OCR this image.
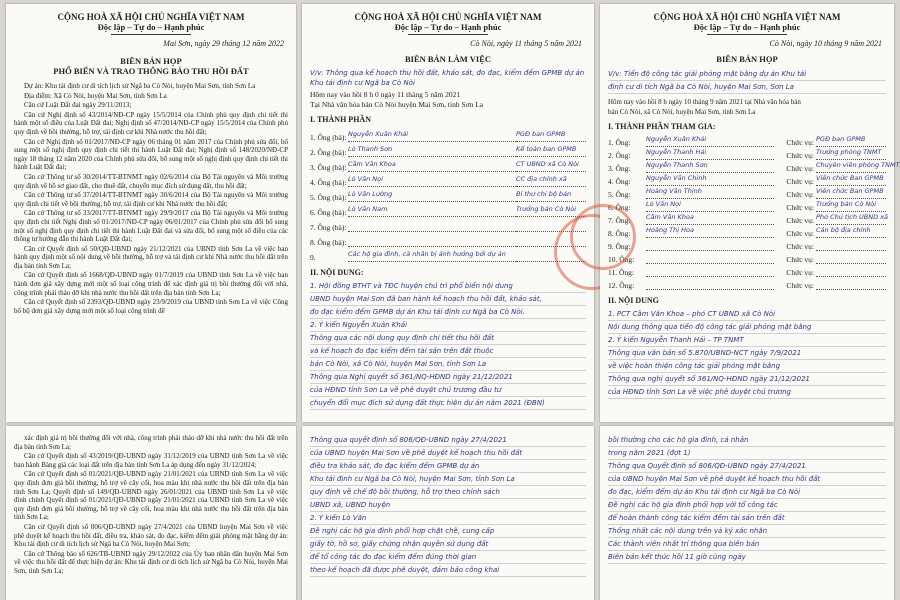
CỘNG HOÀ XÃ HỘI CHỦ NGHĨA VIỆT NAM
Độc lập – Tự do – Hạnh phúc
Mai Sơn, ngày 29 tháng 12 năm 2022
BIÊN BẢN HỌP
PHỔ BIẾN VÀ TRAO THÔNG BÁO THU HỒI ĐẤT
Dự án: Khu tái định cư di tích lịch sử Ngã ba Cò Nòi, huyện Mai Sơn, tỉnh Sơn La
Địa điểm: Xã Cò Nòi, huyện Mai Sơn, tỉnh Sơn La
Căn cứ Luật Đất đai ngày 29/11/2013;
Căn cứ Nghị định số 43/2014/NĐ-CP ngày 15/5/2014 của Chính phủ quy định chi tiết thi hành một số điều của Luật Đất đai; Nghị định số 47/2014/NĐ-CP ngày 15/5/2014 của Chính phủ quy định về bồi thường, hỗ trợ, tái định cư khi Nhà nước thu hồi đất;
Căn cứ Nghị định số 01/2017/NĐ-CP ngày 06 tháng 01 năm 2017 của Chính phủ sửa đổi, bổ sung một số nghị định quy định chi tiết thi hành Luật Đất đai; Nghị định số 148/2020/NĐ-CP ngày 18 tháng 12 năm 2020 của Chính phủ sửa đổi, bổ sung một số nghị định quy định chi tiết thi hành Luật Đất đai;
Căn cứ Thông tư số 30/2014/TT-BTNMT ngày 02/6/2014 của Bộ Tài nguyên và Môi trường quy định về hồ sơ giao đất, cho thuê đất, chuyển mục đích sử dụng đất, thu hồi đất;
Căn cứ Thông tư số 37/2014/TT-BTNMT ngày 30/6/2014 của Bộ Tài nguyên và Môi trường quy định chi tiết về bồi thường, hỗ trợ, tái định cư khi Nhà nước thu hồi đất;
Căn cứ Thông tư số 33/2017/TT-BTNMT ngày 29/9/2017 của Bộ Tài nguyên và Môi trường quy định chi tiết Nghị định số 01/2017/NĐ-CP ngày 06/01/2017 của Chính phủ sửa đổi bổ sung một số nghị định quy định chi tiết thi hành Luật Đất đai và sửa đổi, bổ sung một số điều của các thông tư hướng dẫn thi hành Luật Đất đai;
Căn cứ Quyết định số 50/QĐ-UBND ngày 21/12/2021 của UBND tỉnh Sơn La về việc ban hành quy định một số nội dung về bồi thường, hỗ trợ và tái định cư khi Nhà nước thu hồi đất trên địa bàn tỉnh Sơn La;
Căn cứ Quyết định số 1668/QĐ-UBND ngày 01/7/2019 của UBND tỉnh Sơn La về việc ban hành đơn giá xây dựng mới một số loại công trình để xác định giá trị bồi thường đối với nhà, công trình phải tháo dỡ khi nhà nước thu hồi đất trên địa bàn tỉnh Sơn La;
Căn cứ Quyết định số 2393/QĐ-UBND ngày 23/9/2019 của UBND tỉnh Sơn La về việc Công bố bộ đơn giá xây dựng mới một số loại công trình để
CỘNG HOÀ XÃ HỘI CHỦ NGHĨA VIỆT NAM
Độc lập – Tự do – Hạnh phúc
Cò Nòi, ngày 11 tháng 5 năm 2021
BIÊN BẢN LÀM VIỆC
V/v: Thông qua kế hoạch thu hồi đất, khảo sát, đo đạc, kiểm đếm GPMB dự án Khu tái định cư Ngã ba Cò Nòi
Hôm nay vào hồi 8 h 0 ngày 11 tháng 5 năm 2021
Tại Nhà văn hóa bản Cò Nòi huyện Mai Sơn, tỉnh Sơn La
I. THÀNH PHẦN
1. Ông (bà): Nguyễn Xuân Khải	PGĐ ban GPMB
2. Ông (bà): Lò Thanh Sơn	Kế toán ban GPMB
3. Ông (bà): Cầm Văn Khoa	CT UBND xã Cò Nòi
4. Ông (bà): Lò Văn Nọi	CC địa chính xã
5. Ông (bà): Lò Văn Lường	Bí thư chi bộ bản
6. Ông (bà): Lò Văn Nam	Trưởng bản Cò Nòi
7. Ông (bà):
8. Ông (bà):
9.	Các hộ gia đình, cá nhân bị ảnh hưởng bởi dự án
II. NỘI DUNG:
1. Hội đồng BTHT và TĐC huyện chủ trì phổ biến nội dung
UBND huyện Mai Sơn đã ban hành kế hoạch thu hồi đất, khảo sát,
đo đạc kiểm đếm GPMB dự án Khu tái định cư Ngã ba Cò Nòi.
2. Ý kiến Nguyễn Xuân Khải
Thông qua các nội dung quy định chi tiết thu hồi đất
và kế hoạch đo đạc kiểm đếm tài sản trên đất thuộc
bản Cò Nòi, xã Cò Nòi, huyện Mai Sơn, tỉnh Sơn La
Thông qua Nghị quyết số 361/NQ-HĐND ngày 21/12/2021
của HĐND tỉnh Sơn La về phê duyệt chủ trương đầu tư
chuyển đổi mục đích sử dụng đất thực hiện dự án năm 2021 (ĐBN)
CỘNG HOÀ XÃ HỘI CHỦ NGHĨA VIỆT NAM
Độc lập – Tự do – Hạnh phúc
Cò Nòi, ngày 10 tháng 9 năm 2021
BIÊN BẢN HỌP
V/v: Tiến độ công tác giải phóng mặt bằng dự án Khu tái
định cư di tích Ngã ba Cò Nòi, huyện Mai Sơn, Sơn La
Hôm nay vào hồi 8 h ngày 10 tháng 9 năm 2021 tại Nhà văn hóa bản
bản Cò Nòi, xã Cò Nòi, huyện Mai Sơn, tỉnh Sơn La
I. THÀNH PHẦN THAM GIA:
1. Ông:	Nguyễn Xuân Khải	Chức vụ: PGĐ ban GPMB
2. Ông:	Nguyễn Thanh Hải	Chức vụ: Trưởng phòng TNMT
3. Ông:	Nguyễn Thanh Sơn	Chức vụ: Chuyên viên phòng TNMT
4. Ông:	Nguyễn Văn Chinh	Chức vụ: Viên chức Ban GPMB
5. Ông:	Hoàng Văn Thịnh	Chức vụ: Viên chức Ban GPMB
6. Ông:	Lò Văn Nọi	Chức vụ: Trưởng bản Cò Nòi
7. Ông:	Cầm Văn Khoa	Chức vụ: Phó Chủ tịch UBND xã
8. Ông:	Hoàng Thị Hoa	Chức vụ: Cán bộ địa chính
9. Ông:	Chức vụ:
10. Ông:	Chức vụ:
11. Ông:	Chức vụ:
12. Ông:	Chức vụ:
II. NỘI DUNG
1. PCT Cầm Văn Khoa – phó CT UBND xã Cò Nòi
Nội dung thông qua tiến độ công tác giải phóng mặt bằng
2. Ý kiến Nguyễn Thanh Hải – TP TNMT
Thông qua văn bản số 5.870/UBND-NCT ngày 7/9/2021
về việc hoàn thiện công tác giải phóng mặt bằng
Thông qua nghị quyết số 361/NQ-HĐND ngày 21/12/2021
của HĐND tỉnh Sơn La về việc phê duyệt chủ trương
xác định giá trị bồi thường đối với nhà, công trình phải tháo dỡ khi nhà nước thu hồi đất trên địa bàn tỉnh Sơn La;
Căn cứ Quyết định số 43/2019/QĐ-UBND ngày 31/12/2019 của UBND tỉnh Sơn La về việc ban hành Bảng giá các loại đất trên địa bàn tỉnh Sơn La áp dụng đến ngày 31/12/2024;
Căn cứ Quyết định số 01/2021/QĐ-UBND ngày 21/01/2021 của UBND tỉnh Sơn La về việc quy định đơn giá bồi thường, hỗ trợ về cây cối, hoa màu khi nhà nước thu hồi đất trên địa bàn tỉnh Sơn La; Quyết định số 149/QĐ-UBND ngày 26/01/2021 của UBND tỉnh Sơn La về việc đính chính Quyết định số 01/2021/QĐ-UBND ngày 21/01/2021 của UBND tỉnh Sơn La về việc quy định đơn giá bồi thường, hỗ trợ về cây cối, hoa màu khi nhà nước thu hồi đất trên địa bàn tỉnh Sơn La;
Căn cứ Quyết định số 806/QĐ-UBND ngày 27/4/2021 của UBND huyện Mai Sơn về việc phê duyệt kế hoạch thu hồi đất, điều tra, khảo sát, đo đạc, kiểm đếm giải phóng mặt bằng dự án: Khu tái định cư di tích lịch sử Ngã ba Cò Nòi, huyện Mai Sơn;
Căn cứ Thông báo số 626/TB-UBND ngày 29/12/2022 của Ủy ban nhân dân huyện Mai Sơn về việc thu hồi đất để thực hiện dự án: Khu tái định cư di tích lịch sử Ngã ba Cò Nòi, huyện Mai Sơn, tỉnh Sơn La;
Thông qua quyết định số 806/QĐ-UBND ngày 27/4/2021
của UBND huyện Mai Sơn về phê duyệt kế hoạch thu hồi đất
điều tra khảo sát, đo đạc kiểm đếm GPMB dự án
Khu tái định cư Ngã ba Cò Nòi, huyện Mai Sơn, tỉnh Sơn La
quy định về chế độ bồi thường, hỗ trợ theo chính sách
UBND xã, UBND huyện
2. Ý kiến Lò Văn
Đề nghị các hộ gia đình phối hợp chặt chẽ, cung cấp
giấy tờ, hồ sơ, giấy chứng nhận quyền sử dụng đất
để tổ công tác đo đạc kiểm đếm đúng thời gian
theo kế hoạch đã được phê duyệt, đảm bảo công khai
bồi thường cho các hộ gia đình, cá nhân
trong năm 2021 (đợt 1)
Thông qua Quyết định số 806/QĐ-UBND ngày 27/4/2021
của UBND huyện Mai Sơn về phê duyệt kế hoạch thu hồi đất
đo đạc, kiểm đếm dự án Khu tái định cư Ngã ba Cò Nòi
Đề nghị các hộ gia đình phối hợp với tổ công tác
để hoàn thành công tác kiểm đếm tài sản trên đất
Thống nhất các nội dung trên và ký xác nhận
Các thành viên nhất trí thông qua biên bản
Biên bản kết thúc hồi 11 giờ cùng ngày
